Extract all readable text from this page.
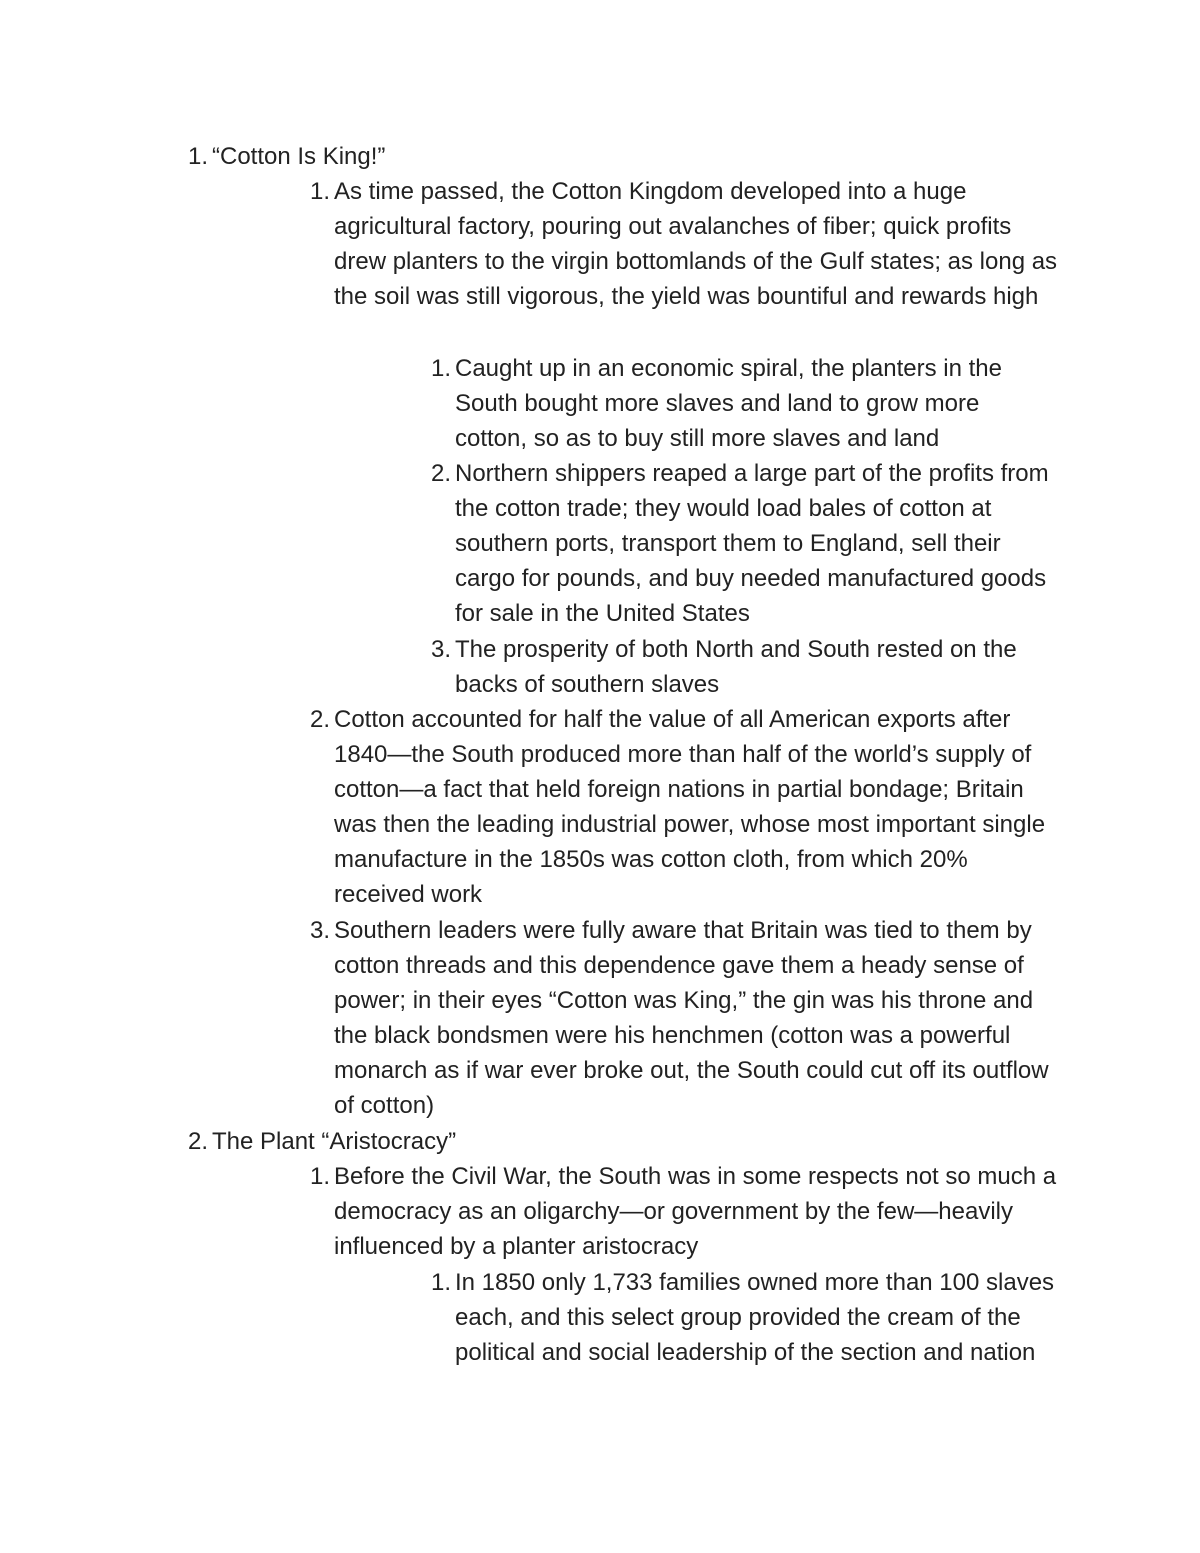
1. “Cotton Is King!”
1. As time passed, the Cotton Kingdom developed into a huge agricultural factory, pouring out avalanches of fiber; quick profits drew planters to the virgin bottomlands of the Gulf states; as long as the soil was still vigorous, the yield was bountiful and rewards high
1. Caught up in an economic spiral, the planters in the South bought more slaves and land to grow more cotton, so as to buy still more slaves and land
2. Northern shippers reaped a large part of the profits from the cotton trade; they would load bales of cotton at southern ports, transport them to England, sell their cargo for pounds, and buy needed manufactured goods for sale in the United States
3. The prosperity of both North and South rested on the backs of southern slaves
2. Cotton accounted for half the value of all American exports after 1840—the South produced more than half of the world’s supply of cotton—a fact that held foreign nations in partial bondage; Britain was then the leading industrial power, whose most important single manufacture in the 1850s was cotton cloth, from which 20% received work
3. Southern leaders were fully aware that Britain was tied to them by cotton threads and this dependence gave them a heady sense of power; in their eyes “Cotton was King,” the gin was his throne and the black bondsmen were his henchmen (cotton was a powerful monarch as if war ever broke out, the South could cut off its outflow of cotton)
2. The Plant “Aristocracy”
1. Before the Civil War, the South was in some respects not so much a democracy as an oligarchy—or government by the few—heavily influenced by a planter aristocracy
1. In 1850 only 1,733 families owned more than 100 slaves each, and this select group provided the cream of the political and social leadership of the section and nation
